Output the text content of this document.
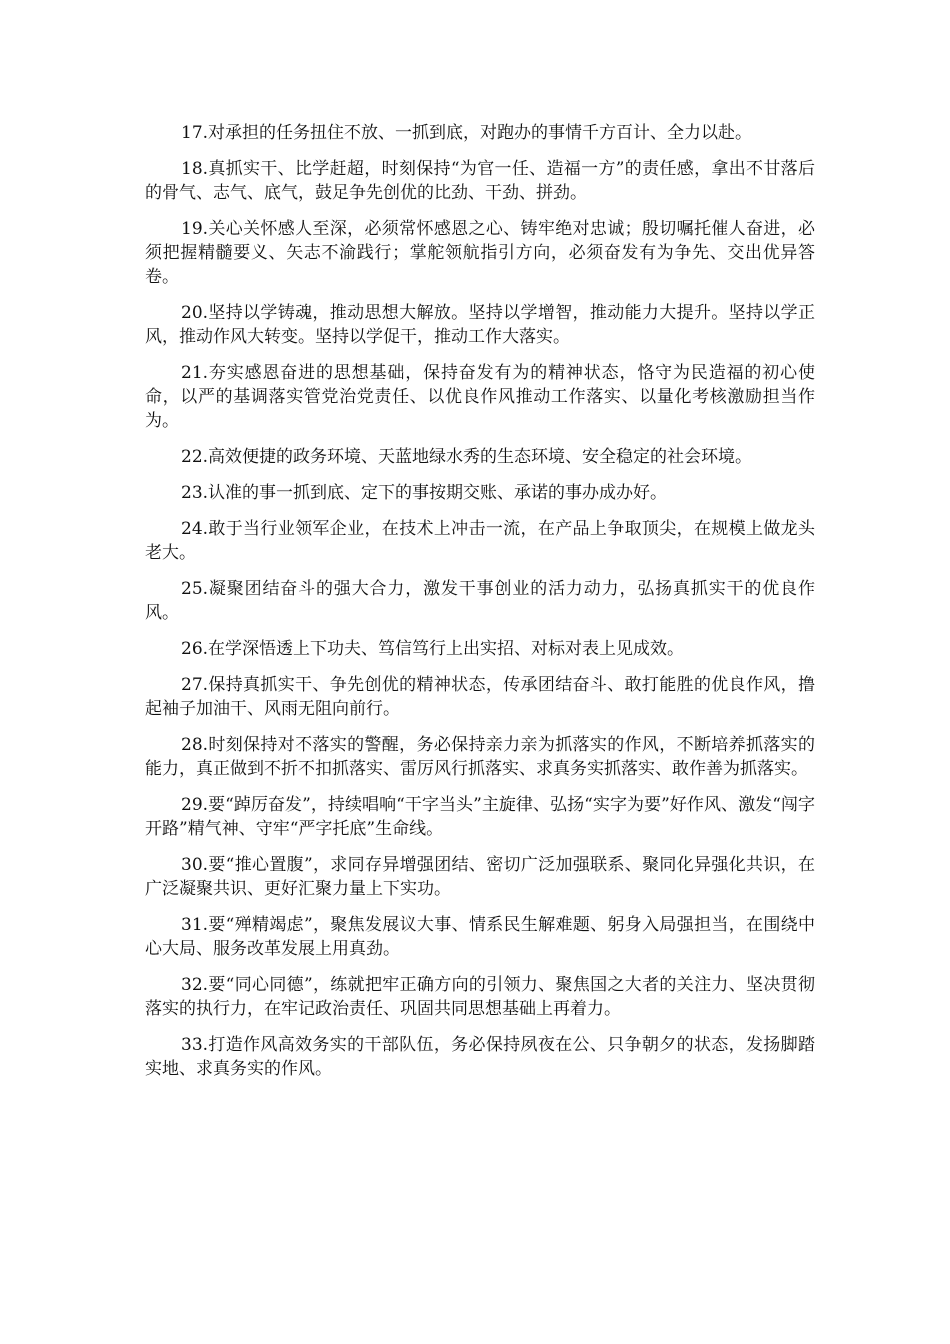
17.对承担的任务扭住不放、一抓到底，对跑办的事情千方百计、全力以赴。

18.真抓实干、比学赶超，时刻保持“为官一任、造福一方”的责任感，拿出不甘落后的骨气、志气、底气，鼓足争先创优的比劲、干劲、拼劲。

19.关心关怀感人至深，必须常怀感恩之心、铸牢绝对忠诚；殷切嘱托催人奋进，必须把握精髓要义、矢志不渝践行；掌舵领航指引方向，必须奋发有为争先、交出优异答卷。

20.坚持以学铸魂，推动思想大解放。坚持以学增智，推动能力大提升。坚持以学正风，推动作风大转变。坚持以学促干，推动工作大落实。

21.夯实感恩奋进的思想基础，保持奋发有为的精神状态，恪守为民造福的初心使命，以严的基调落实管党治党责任、以优良作风推动工作落实、以量化考核激励担当作为。

22.高效便捷的政务环境、天蓝地绿水秀的生态环境、安全稳定的社会环境。

23.认准的事一抓到底、定下的事按期交账、承诺的事办成办好。

24.敢于当行业领军企业，在技术上冲击一流，在产品上争取顶尖，在规模上做龙头老大。

25.凝聚团结奋斗的强大合力，激发干事创业的活力动力，弘扬真抓实干的优良作风。

26.在学深悟透上下功夫、笃信笃行上出实招、对标对表上见成效。

27.保持真抓实干、争先创优的精神状态，传承团结奋斗、敢打能胜的优良作风，撸起袖子加油干、风雨无阻向前行。

28.时刻保持对不落实的警醒，务必保持亲力亲为抓落实的作风，不断培养抓落实的能力，真正做到不折不扣抓落实、雷厉风行抓落实、求真务实抓落实、敢作善为抓落实。

29.要“踔厉奋发”，持续唱响“干字当头”主旋律、弘扬“实字为要”好作风、激发“闯字开路”精气神、守牢“严字托底”生命线。

30.要“推心置腹”，求同存异增强团结、密切广泛加强联系、聚同化异强化共识，在广泛凝聚共识、更好汇聚力量上下实功。

31.要“殚精竭虑”，聚焦发展议大事、情系民生解难题、躬身入局强担当，在围绕中心大局、服务改革发展上用真劲。

32.要“同心同德”，练就把牢正确方向的引领力、聚焦国之大者的关注力、坚决贯彻落实的执行力，在牢记政治责任、巩固共同思想基础上再着力。

33.打造作风高效务实的干部队伍，务必保持夙夜在公、只争朝夕的状态，发扬脚踏实地、求真务实的作风。
